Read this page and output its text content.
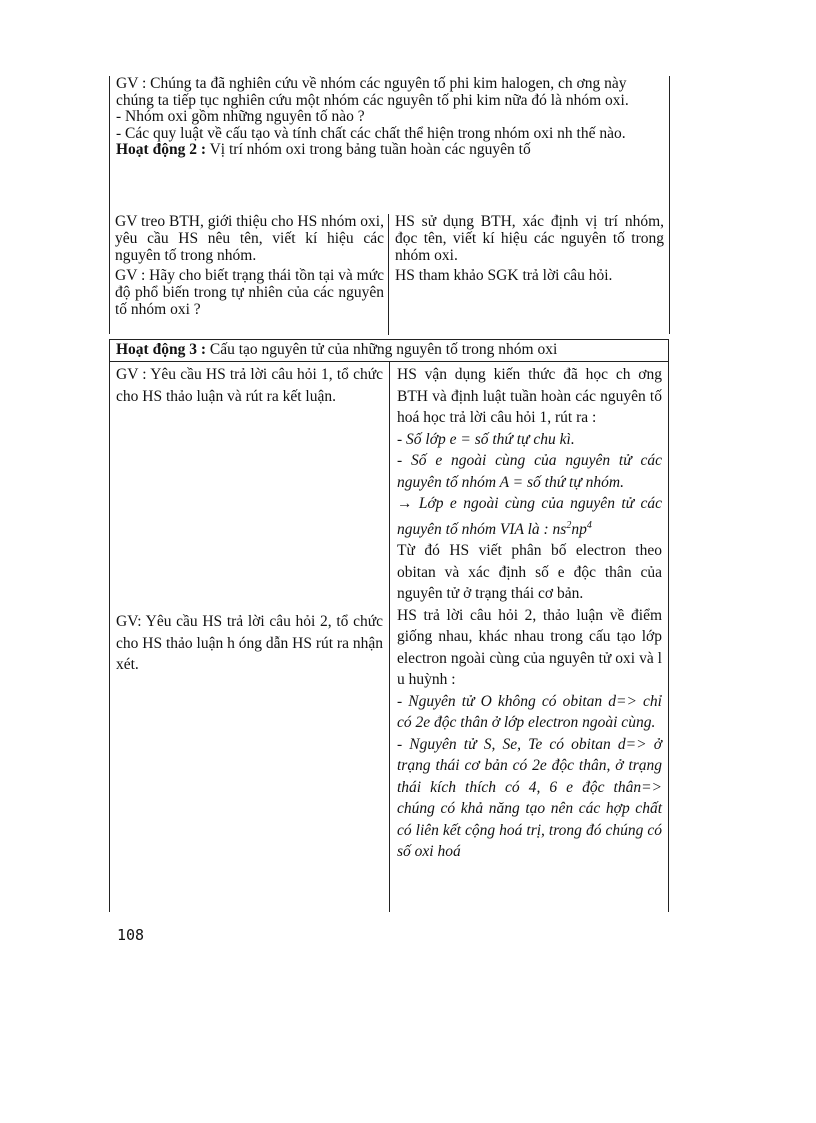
GV : Chúng ta đã nghiên cứu về nhóm các nguyên tố phi kim halogen, ch ơng này chúng ta tiếp tục nghiên cứu một nhóm các nguyên tố phi kim nữa đó là nhóm oxi.

- Nhóm oxi gồm những nguyên tố nào ?

- Các quy luật về cấu tạo và tính chất các chất thể hiện trong nhóm oxi nh thế nào.

Hoạt động 2 : Vị trí nhóm oxi trong bảng tuần hoàn các nguyên tố

GV treo BTH, giới thiệu cho HS nhóm oxi, yêu cầu HS nêu tên, viết kí hiệu các nguyên tố trong nhóm.

GV : Hãy cho biết trạng thái tồn tại và mức độ phổ biến trong tự nhiên của các nguyên tố nhóm oxi ?

HS sử dụng BTH, xác định vị trí nhóm, đọc tên, viết kí hiệu các nguyên tố trong nhóm oxi.

HS tham khảo SGK trả lời câu hỏi.

Hoạt động 3 : Cấu tạo nguyên tử của những nguyên tố trong nhóm oxi

GV : Yêu cầu HS trả lời câu hỏi 1, tổ chức cho HS thảo luận và rút ra kết luận.

GV: Yêu cầu HS trả lời câu hỏi 2, tổ chức cho HS thảo luận h óng dẫn HS rút ra nhận xét.

HS vận dụng kiến thức đã học ch ơng BTH và định luật tuần hoàn các nguyên tố hoá học trả lời câu hỏi 1, rút ra :

- Số lớp e = số thứ tự chu kì.

- Số e ngoài cùng của nguyên tử các nguyên tố nhóm A = số thứ tự nhóm.

→ Lớp e ngoài cùng của nguyên tử các nguyên tố nhóm VIA là : $ns^2np^4$

Từ đó HS viết phân bố electron theo obitan và xác định số e độc thân của nguyên tử ở trạng thái cơ bản.

HS trả lời câu hỏi 2, thảo luận về điểm giống nhau, khác nhau trong cấu tạo lớp electron ngoài cùng của nguyên tử oxi và l u huỳnh :

- Nguyên tử O không có obitan d=> chỉ có 2e độc thân ở lớp electron ngoài cùng.

- Nguyên tử S, Se, Te có obitan d=> ở trạng thái cơ bản có 2e độc thân, ở trạng thái kích thích có 4, 6 e độc thân=> chúng có khả năng tạo nên các hợp chất có liên kết cộng hoá trị, trong đó chúng có số oxi hoá

108
